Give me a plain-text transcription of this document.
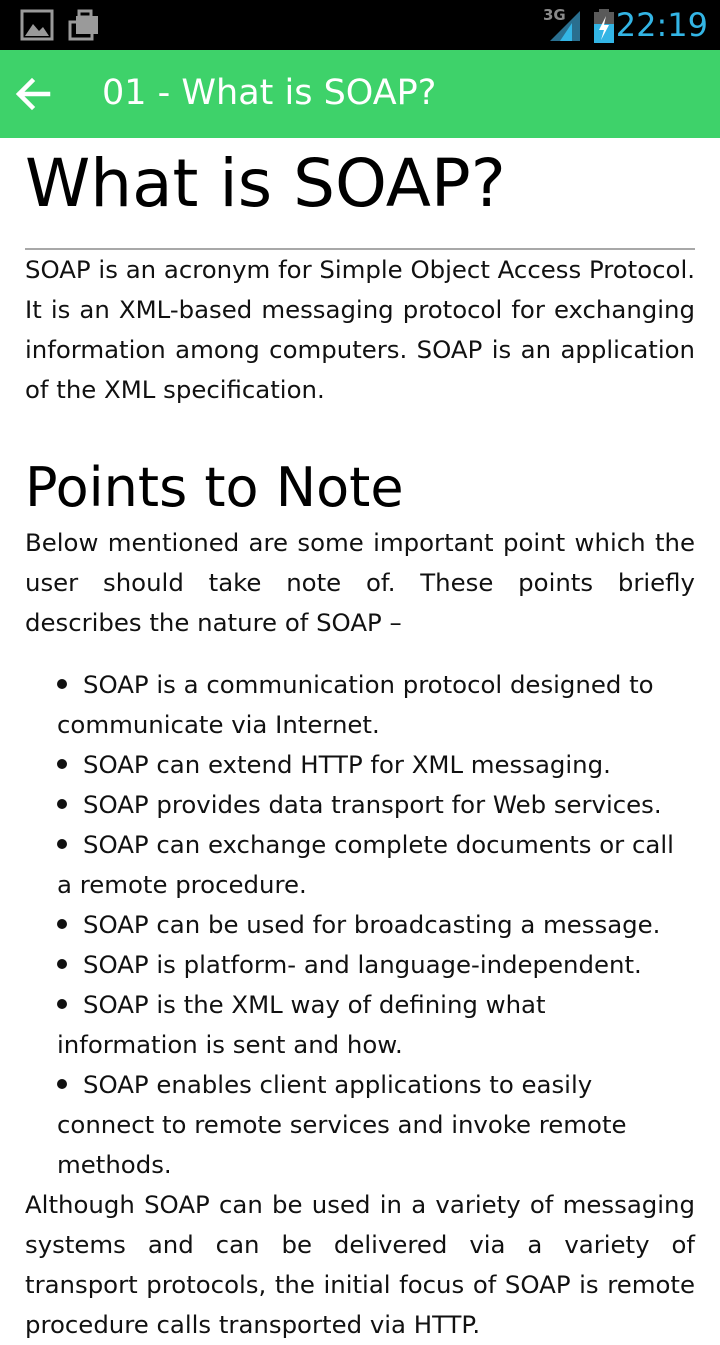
3G 22:19
01 - What is SOAP?
What is SOAP?

SOAP is an acronym for Simple Object Access Protocol. It is an XML-based messaging protocol for exchanging information among computers. SOAP is an application of the XML specification.

Points to Note

Below mentioned are some important point which the user should take note of. These points briefly describes the nature of SOAP –

SOAP is a communication protocol designed to communicate via Internet.
SOAP can extend HTTP for XML messaging.
SOAP provides data transport for Web services.
SOAP can exchange complete documents or call a remote procedure.
SOAP can be used for broadcasting a message.
SOAP is platform- and language-independent.
SOAP is the XML way of defining what information is sent and how.
SOAP enables client applications to easily connect to remote services and invoke remote methods.

Although SOAP can be used in a variety of messaging systems and can be delivered via a variety of transport protocols, the initial focus of SOAP is remote procedure calls transported via HTTP.
